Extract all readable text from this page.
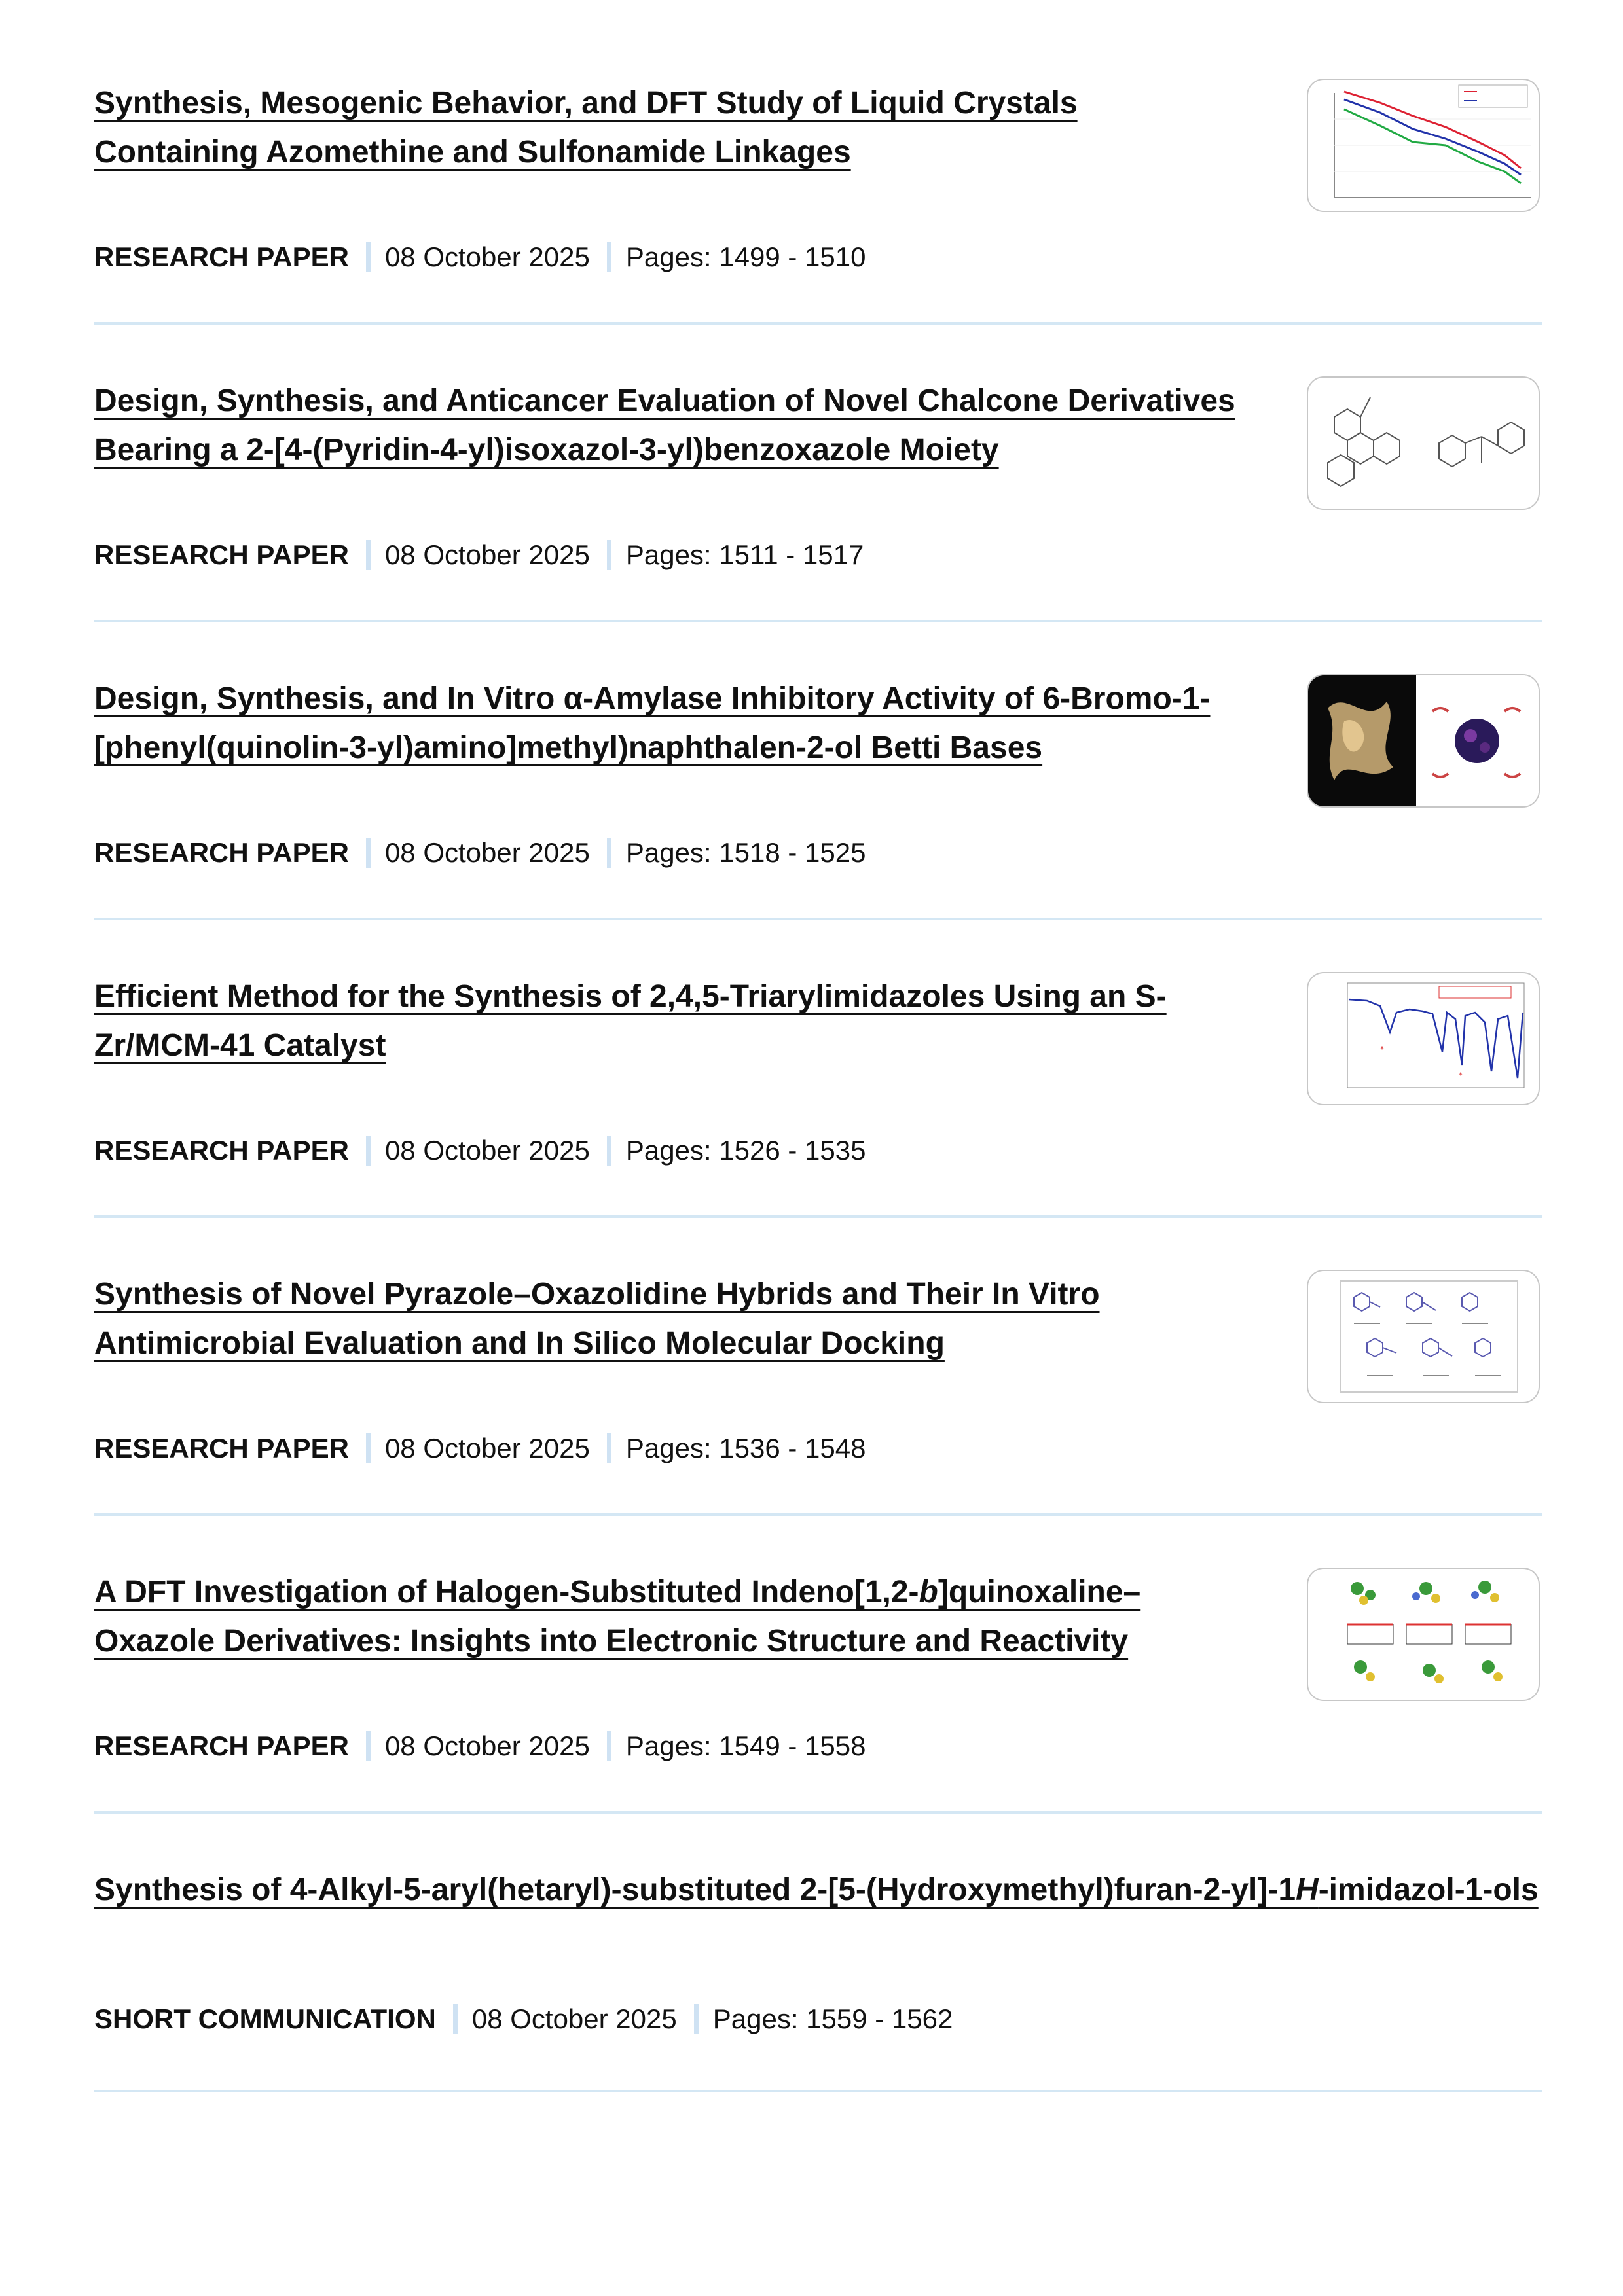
Synthesis, Mesogenic Behavior, and DFT Study of Liquid Crystals Containing Azomethine and Sulfonamide Linkages
RESEARCH PAPER 08 October 2025 Pages: 1499 - 1510
Design, Synthesis, and Anticancer Evaluation of Novel Chalcone Derivatives Bearing a 2-[4-(Pyridin-4-yl)isoxazol-3-yl)benzoxazole Moiety
RESEARCH PAPER 08 October 2025 Pages: 1511 - 1517
Design, Synthesis, and In Vitro α-Amylase Inhibitory Activity of 6-Bromo-1-[phenyl(quinolin-3-yl)amino]methyl)naphthalen-2-ol Betti Bases
RESEARCH PAPER 08 October 2025 Pages: 1518 - 1525
Efficient Method for the Synthesis of 2,4,5-Triarylimidazoles Using an S-Zr/MCM-41 Catalyst	*
*
RESEARCH PAPER 08 October 2025 Pages: 1526 - 1535
Synthesis of Novel Pyrazole–Oxazolidine Hybrids and Their In Vitro Antimicrobial Evaluation and In Silico Molecular Docking
RESEARCH PAPER 08 October 2025 Pages: 1536 - 1548
A DFT Investigation of Halogen-Substituted Indeno[1,2-b]quinoxaline–Oxazole Derivatives: Insights into Electronic Structure and Reactivity
RESEARCH PAPER 08 October 2025 Pages: 1549 - 1558
Synthesis of 4-Alkyl-5-aryl(hetaryl)-substituted 2-[5-(Hydroxymethyl)furan-2-yl]-1H-imidazol-1-ols
SHORT COMMUNICATION 08 October 2025 Pages: 1559 - 1562
